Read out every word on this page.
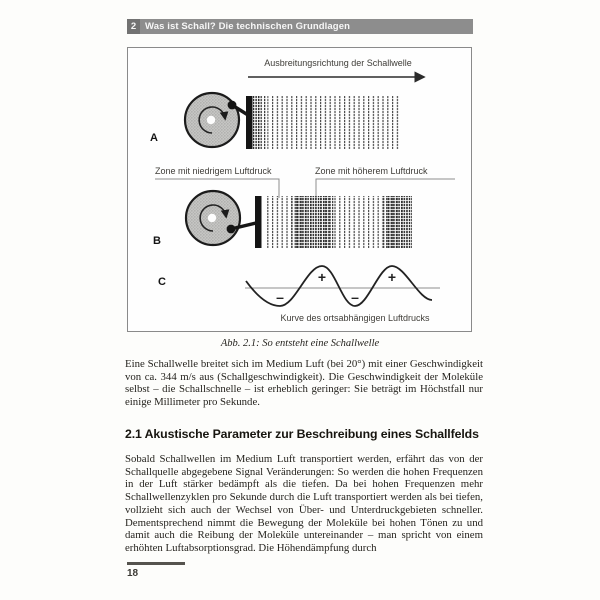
2 Was ist Schall? Die technischen Grundlagen
Ausbreitungsrichtung der Schallwelle
A
Zone mit niedrigem Luftdruck	Zone mit höherem Luftdruck
B
+	+
–	–
Kurve des ortsabhängigen Luftdrucks
C
Abb. 2.1: So entsteht eine Schallwelle

Eine Schallwelle breitet sich im Medium Luft (bei 20°) mit einer Geschwindigkeit von ca. 344 m/s aus (Schallgeschwindigkeit). Die Geschwindigkeit der Moleküle selbst – die Schallschnelle – ist erheblich geringer: Sie beträgt im Höchstfall nur einige Millimeter pro Sekunde.

2.1 Akustische Parameter zur Beschreibung eines Schallfelds

Sobald Schallwellen im Medium Luft transportiert werden, erfährt das von der Schallquelle abgegebene Signal Veränderungen: So werden die hohen Frequenzen in der Luft stärker bedämpft als die tiefen. Da bei hohen Frequenzen mehr Schallwellenzyklen pro Sekunde durch die Luft transportiert werden als bei tiefen, vollzieht sich auch der Wechsel von Über- und Unterdruckgebieten schneller. Dementsprechend nimmt die Bewegung der Moleküle bei hohen Tönen zu und damit auch die Reibung der Moleküle untereinander – man spricht von einem erhöhten Luftabsorptionsgrad. Die Höhendämpfung durch

18
